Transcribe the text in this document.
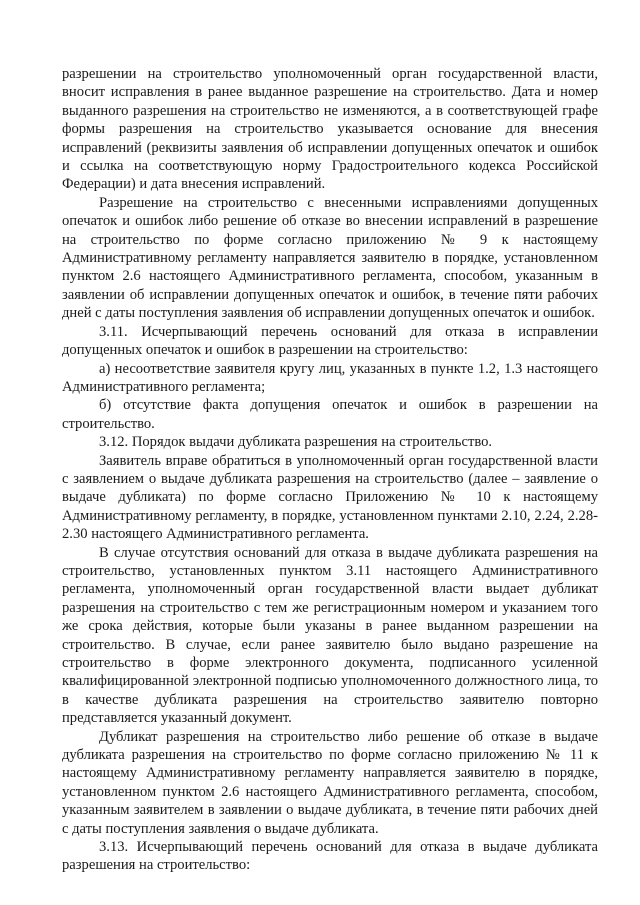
разрешении на строительство уполномоченный орган государственной власти, вносит исправления в ранее выданное разрешение на строительство. Дата и номер выданного разрешения на строительство не изменяются, а в соответствующей графе формы разрешения на строительство указывается основание для внесения исправлений (реквизиты заявления об исправлении допущенных опечаток и ошибок и ссылка на соответствующую норму Градостроительного кодекса Российской Федерации) и дата внесения исправлений.

Разрешение на строительство с внесенными исправлениями допущенных опечаток и ошибок либо решение об отказе во внесении исправлений в разрешение на строительство по форме согласно приложению № 9 к настоящему Административному регламенту направляется заявителю в порядке, установленном пунктом 2.6 настоящего Административного регламента, способом, указанным в заявлении об исправлении допущенных опечаток и ошибок, в течение пяти рабочих дней с даты поступления заявления об исправлении допущенных опечаток и ошибок.

3.11. Исчерпывающий перечень оснований для отказа в исправлении допущенных опечаток и ошибок в разрешении на строительство:

а) несоответствие заявителя кругу лиц, указанных в пункте 1.2, 1.3 настоящего Административного регламента;

б) отсутствие факта допущения опечаток и ошибок в разрешении на строительство.

3.12. Порядок выдачи дубликата разрешения на строительство.

Заявитель вправе обратиться в уполномоченный орган государственной власти с заявлением о выдаче дубликата разрешения на строительство (далее – заявление о выдаче дубликата) по форме согласно Приложению № 10 к настоящему Административному регламенту, в порядке, установленном пунктами 2.10, 2.24, 2.28-2.30 настоящего Административного регламента.

В случае отсутствия оснований для отказа в выдаче дубликата разрешения на строительство, установленных пунктом 3.11 настоящего Административного регламента, уполномоченный орган государственной власти выдает дубликат разрешения на строительство с тем же регистрационным номером и указанием того же срока действия, которые были указаны в ранее выданном разрешении на строительство. В случае, если ранее заявителю было выдано разрешение на строительство в форме электронного документа, подписанного усиленной квалифицированной электронной подписью уполномоченного должностного лица, то в качестве дубликата разрешения на строительство заявителю повторно представляется указанный документ.

Дубликат разрешения на строительство либо решение об отказе в выдаче дубликата разрешения на строительство по форме согласно приложению № 11 к настоящему Административному регламенту направляется заявителю в порядке, установленном пунктом 2.6 настоящего Административного регламента, способом, указанным заявителем в заявлении о выдаче дубликата, в течение пяти рабочих дней с даты поступления заявления о выдаче дубликата.

3.13. Исчерпывающий перечень оснований для отказа в выдаче дубликата разрешения на строительство:
